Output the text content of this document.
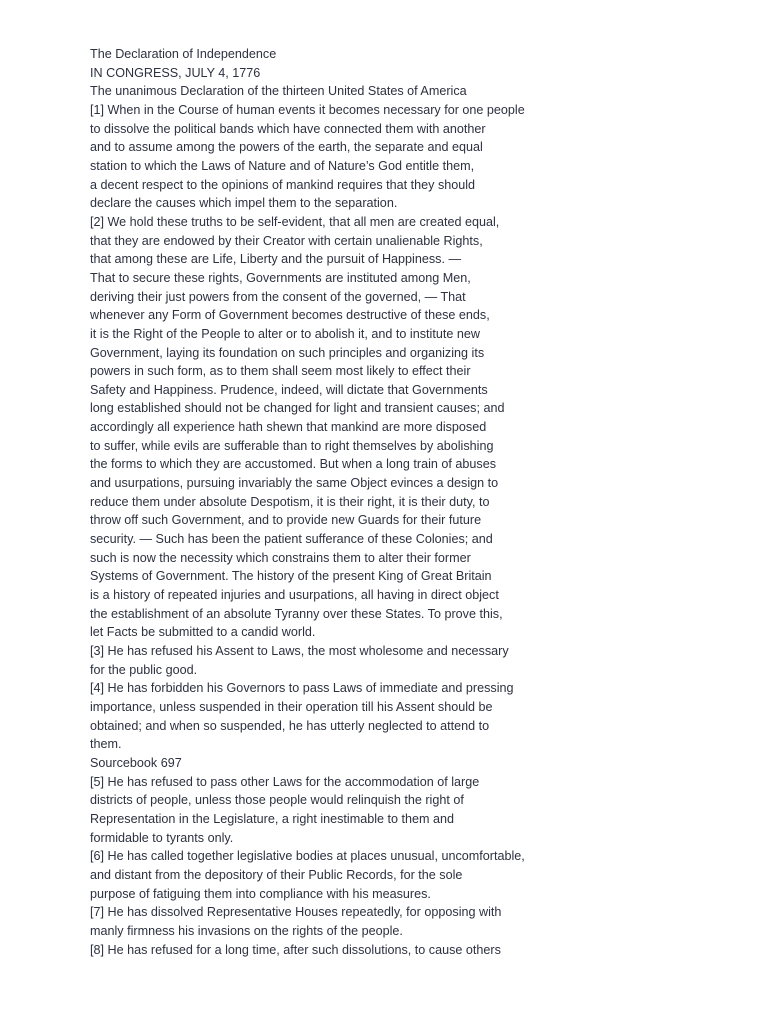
The Declaration of Independence

IN CONGRESS, JULY 4, 1776

The unanimous Declaration of the thirteen United States of America

[1] When in the Course of human events it becomes necessary for one people

to dissolve the political bands which have connected them with another

and to assume among the powers of the earth, the separate and equal

station to which the Laws of Nature and of Nature’s God entitle them,

a decent respect to the opinions of mankind requires that they should

declare the causes which impel them to the separation.

[2] We hold these truths to be self-evident, that all men are created equal,

that they are endowed by their Creator with certain unalienable Rights,

that among these are Life, Liberty and the pursuit of Happiness. —

That to secure these rights, Governments are instituted among Men,

deriving their just powers from the consent of the governed, — That

whenever any Form of Government becomes destructive of these ends,

it is the Right of the People to alter or to abolish it, and to institute new

Government, laying its foundation on such principles and organizing its

powers in such form, as to them shall seem most likely to effect their

Safety and Happiness. Prudence, indeed, will dictate that Governments

long established should not be changed for light and transient causes; and

accordingly all experience hath shewn that mankind are more disposed

to suffer, while evils are sufferable than to right themselves by abolishing

the forms to which they are accustomed. But when a long train of abuses

and usurpations, pursuing invariably the same Object evinces a design to

reduce them under absolute Despotism, it is their right, it is their duty, to

throw off such Government, and to provide new Guards for their future

security. — Such has been the patient sufferance of these Colonies; and

such is now the necessity which constrains them to alter their former

Systems of Government. The history of the present King of Great Britain

is a history of repeated injuries and usurpations, all having in direct object

the establishment of an absolute Tyranny over these States. To prove this,

let Facts be submitted to a candid world.

[3] He has refused his Assent to Laws, the most wholesome and necessary

for the public good.

[4] He has forbidden his Governors to pass Laws of immediate and pressing

importance, unless suspended in their operation till his Assent should be

obtained; and when so suspended, he has utterly neglected to attend to

them.

Sourcebook 697

[5] He has refused to pass other Laws for the accommodation of large

districts of people, unless those people would relinquish the right of

Representation in the Legislature, a right inestimable to them and

formidable to tyrants only.

[6] He has called together legislative bodies at places unusual, uncomfortable,

and distant from the depository of their Public Records, for the sole

purpose of fatiguing them into compliance with his measures.

[7] He has dissolved Representative Houses repeatedly, for opposing with

manly firmness his invasions on the rights of the people.

[8] He has refused for a long time, after such dissolutions, to cause others
